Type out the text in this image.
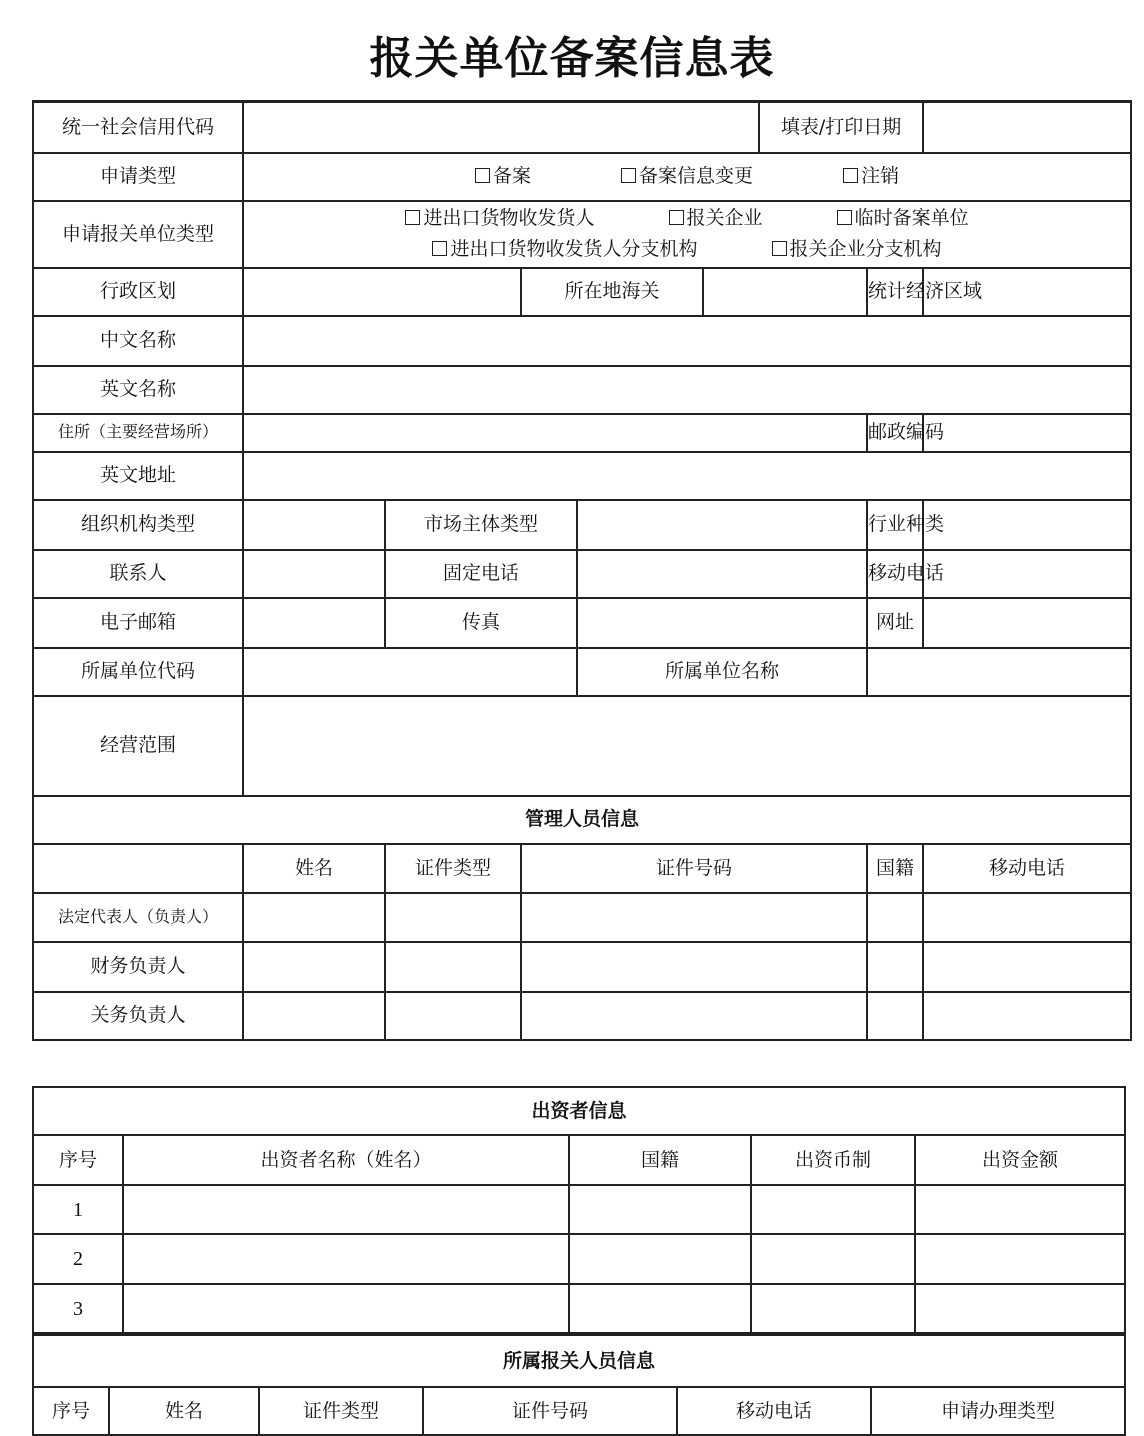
报关单位备案信息表
统一社会信用代码						填表/打印日期		
申请类型	备案 备案信息变更 注销							
申请报关单位类型	进出口货物收发货人 报关企业 临时备案单位
进出口货物收发货人分支机构 报关企业分支机构							

行政区划			所在地海关				统计经济区域	
中文名称								
英文名称								
住所（主要经营场所）							邮政编码	
英文地址								
组织机构类型		市场主体类型					行业种类	
联系人		固定电话					移动电话	
电子邮箱		传真					网址	
所属单位代码				所属单位名称				
经营范围								
管理人员信息								
	姓名	证件类型	证件号码				国籍	移动电话
法定代表人（负责人）								
财务负责人								
关务负责人								
出资者信息				
序号	出资者名称（姓名）	国籍	出资币制	出资金额
1				
2				
3				
所属报关人员信息
序号	姓名	证件类型	证件号码	移动电话	申请办理类型
